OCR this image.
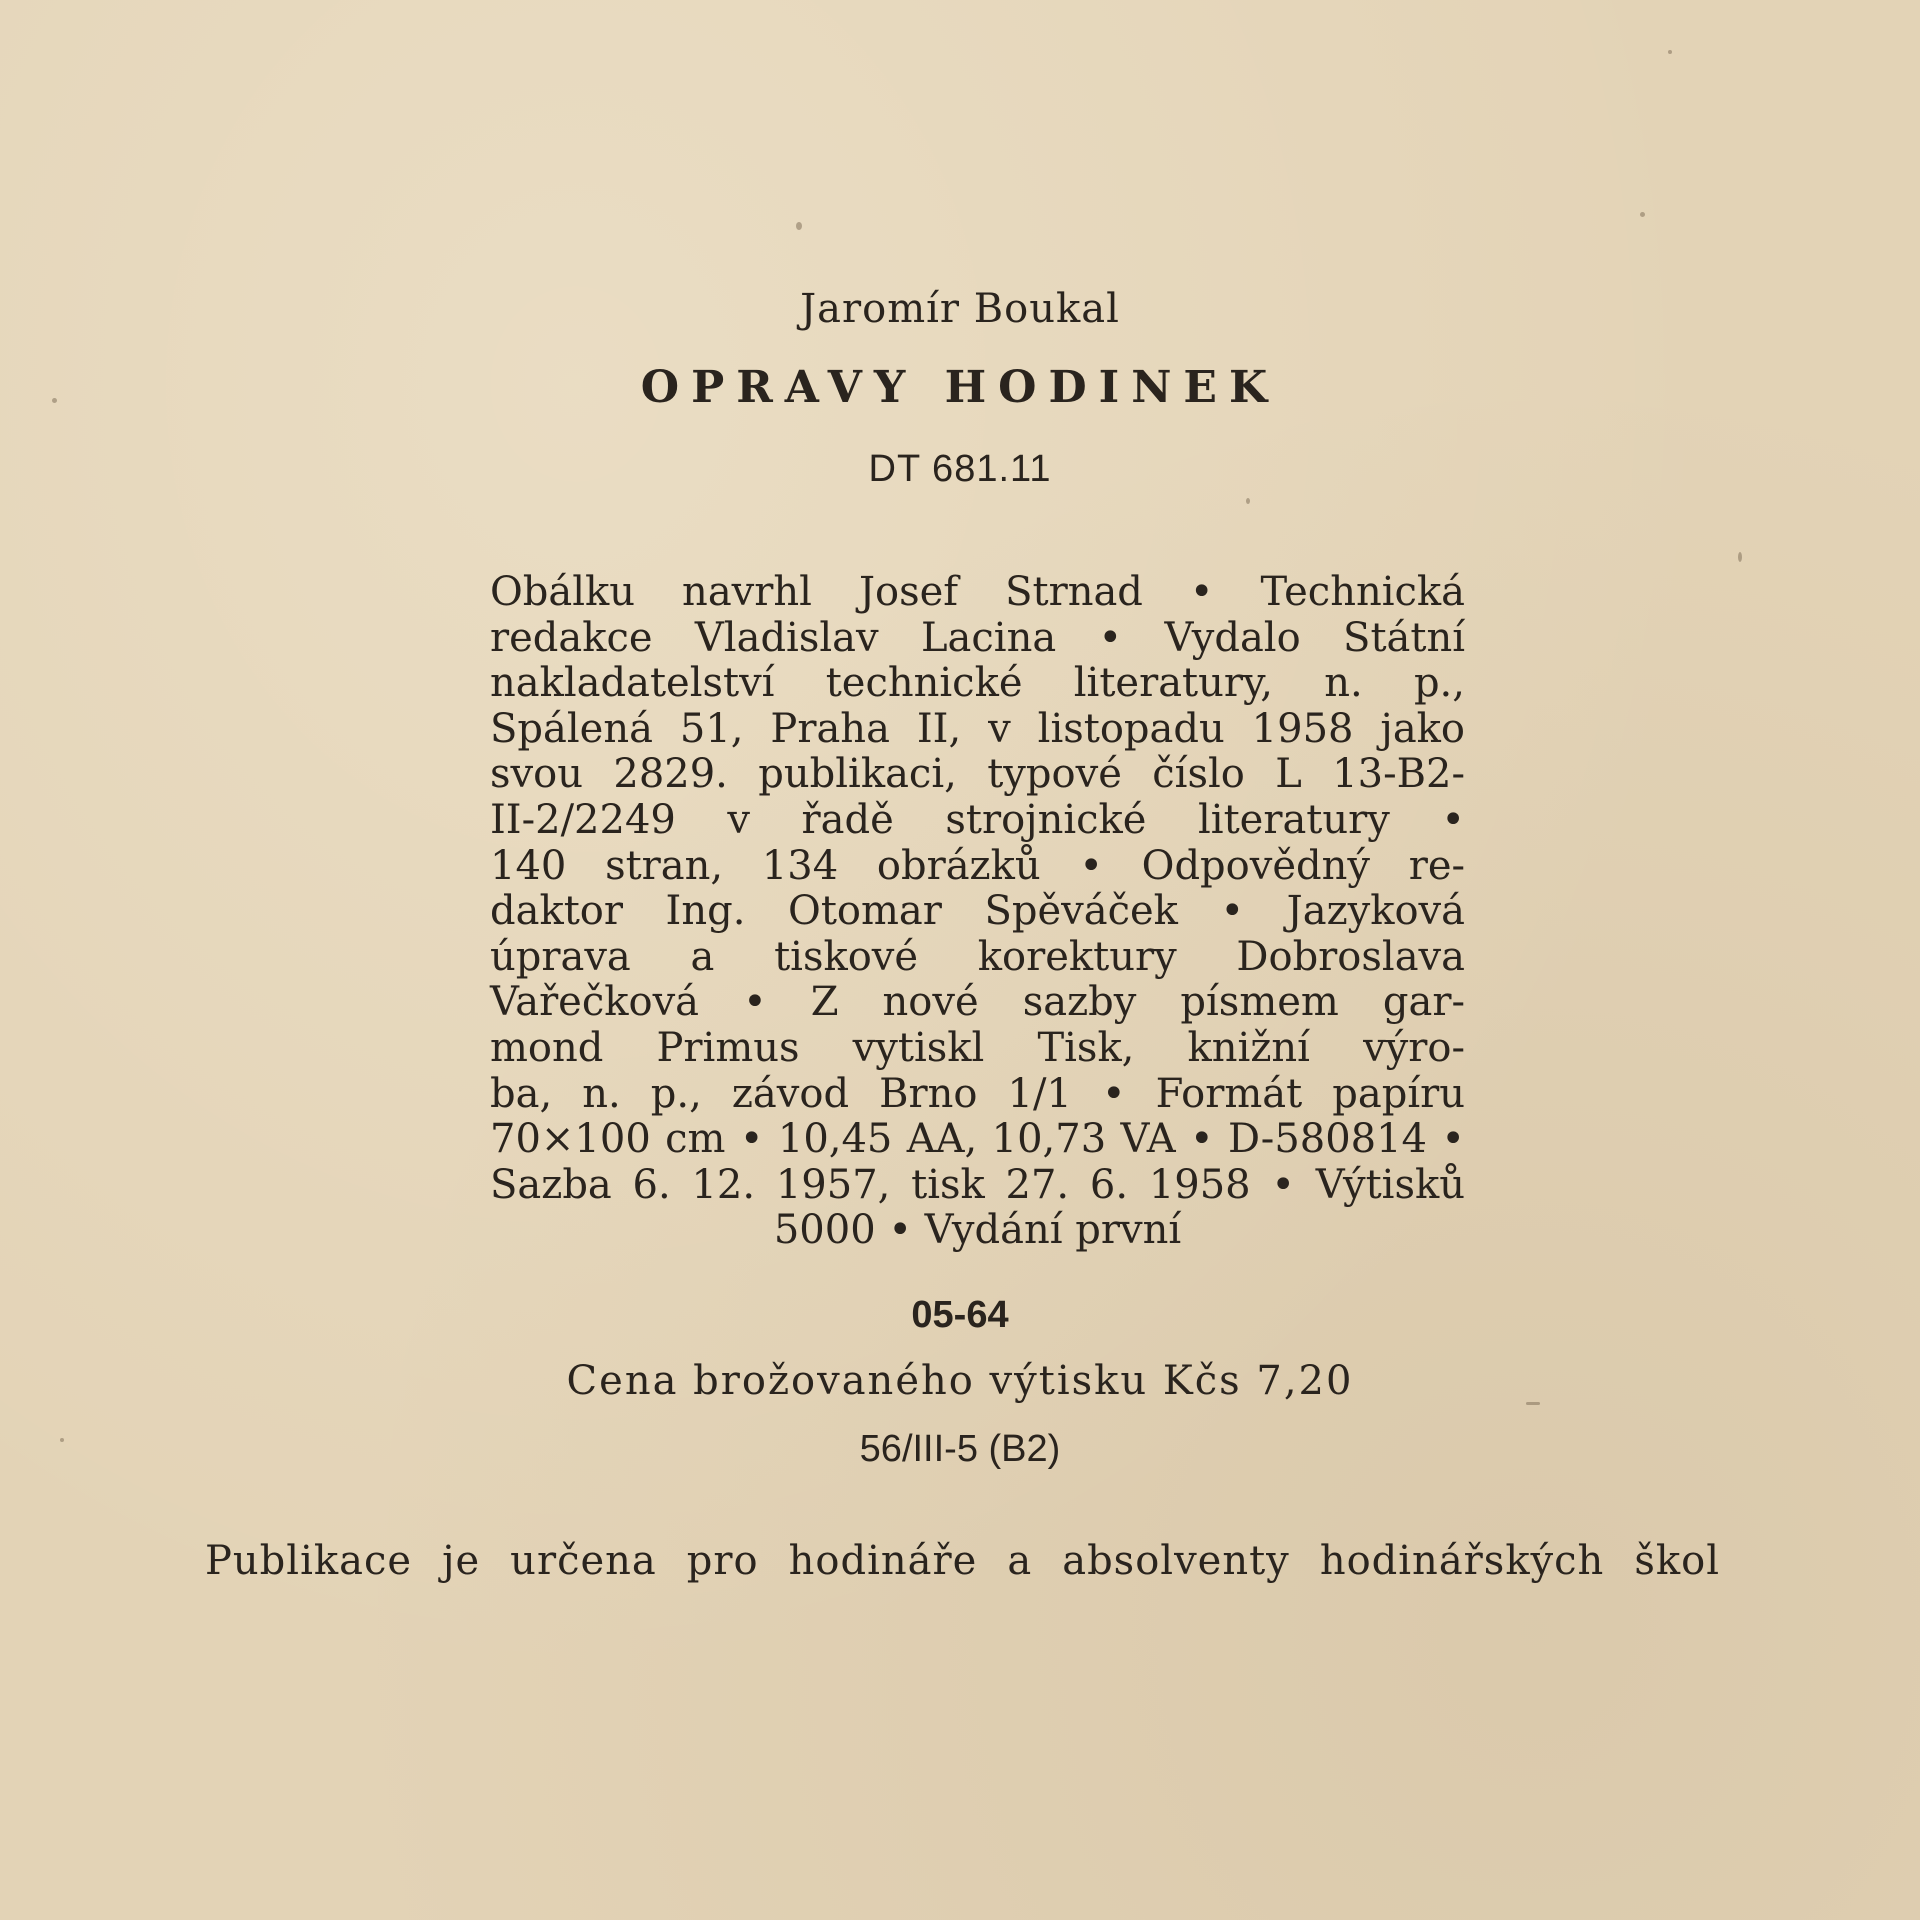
Jaromír Boukal
OPRAVY HODINEK
DT 681.11
Obálku navrhl Josef Strnad • Technická
redakce Vladislav Lacina • Vydalo Státní
nakladatelství technické literatury, n. p.,
Spálená 51, Praha II, v listopadu 1958 jako
svou 2829. publikaci, typové číslo L 13-B2-
II-2/2249 v řadě strojnické literatury •
140 stran, 134 obrázků • Odpovědný re-
daktor Ing. Otomar Spěváček • Jazyková
úprava a tiskové korektury Dobroslava
Vařečková • Z nové sazby písmem gar-
mond Primus vytiskl Tisk, knižní výro-
ba, n. p., závod Brno 1/1 • Formát papíru
70×100 cm • 10,45 AA, 10,73 VA • D-580814 •
Sazba 6. 12. 1957, tisk 27. 6. 1958 • Výtisků
5000 • Vydání první
05-64
Cena brožovaného výtisku Kčs 7,20
56/III-5 (B2)
Publikace je určena pro hodináře a absolventy hodinářských škol
